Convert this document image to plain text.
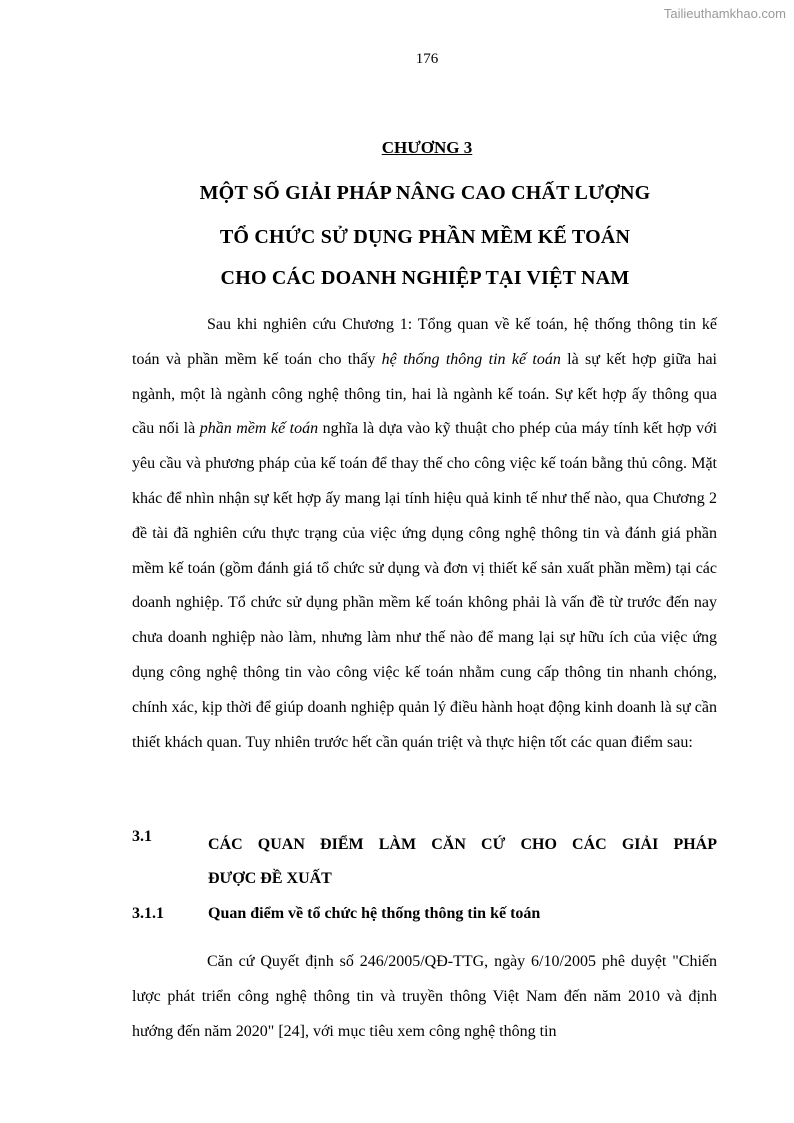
Tailieuthamkhao.com
176
CHƯƠNG 3
MỘT SỐ GIẢI PHÁP NÂNG CAO CHẤT LƯỢNG
TỔ CHỨC SỬ DỤNG PHẦN MỀM KẾ TOÁN
CHO CÁC DOANH NGHIỆP TẠI VIỆT NAM

Sau khi nghiên cứu Chương 1: Tổng quan về kế toán, hệ thống thông tin kế toán và phần mềm kế toán cho thấy hệ thống thông tin kế toán là sự kết hợp giữa hai ngành, một là ngành công nghệ thông tin, hai là ngành kế toán. Sự kết hợp ấy thông qua cầu nối là phần mềm kế toán nghĩa là dựa vào kỹ thuật cho phép của máy tính kết hợp với yêu cầu và phương pháp của kế toán để thay thế cho công việc kế toán bằng thủ công. Mặt khác để nhìn nhận sự kết hợp ấy mang lại tính hiệu quả kinh tế như thế nào, qua Chương 2 đề tài đã nghiên cứu thực trạng của việc ứng dụng công nghệ thông tin và đánh giá phần mềm kế toán (gồm đánh giá tổ chức sử dụng và đơn vị thiết kế sản xuất phần mềm) tại các doanh nghiệp. Tổ chức sử dụng phần mềm kế toán không phải là vấn đề từ trước đến nay chưa doanh nghiệp nào làm, nhưng làm như thế nào để mang lại sự hữu ích của việc ứng dụng công nghệ thông tin vào công việc kế toán nhằm cung cấp thông tin nhanh chóng, chính xác, kịp thời để giúp doanh nghiệp quản lý điều hành hoạt động kinh doanh là sự cần thiết khách quan. Tuy nhiên trước hết cần quán triệt và thực hiện tốt các quan điểm sau:

3.1	CÁC QUAN ĐIỂM LÀM CĂN CỨ CHO CÁC GIẢI PHÁP
ĐƯỢC ĐỀ XUẤT
3.1.1	Quan điểm về tổ chức hệ thống thông tin kế toán

Căn cứ Quyết định số 246/2005/QĐ-TTG, ngày 6/10/2005 phê duyệt "Chiến lược phát triển công nghệ thông tin và truyền thông Việt Nam đến năm 2010 và định hướng đến năm 2020" [24], với mục tiêu xem công nghệ thông tin
